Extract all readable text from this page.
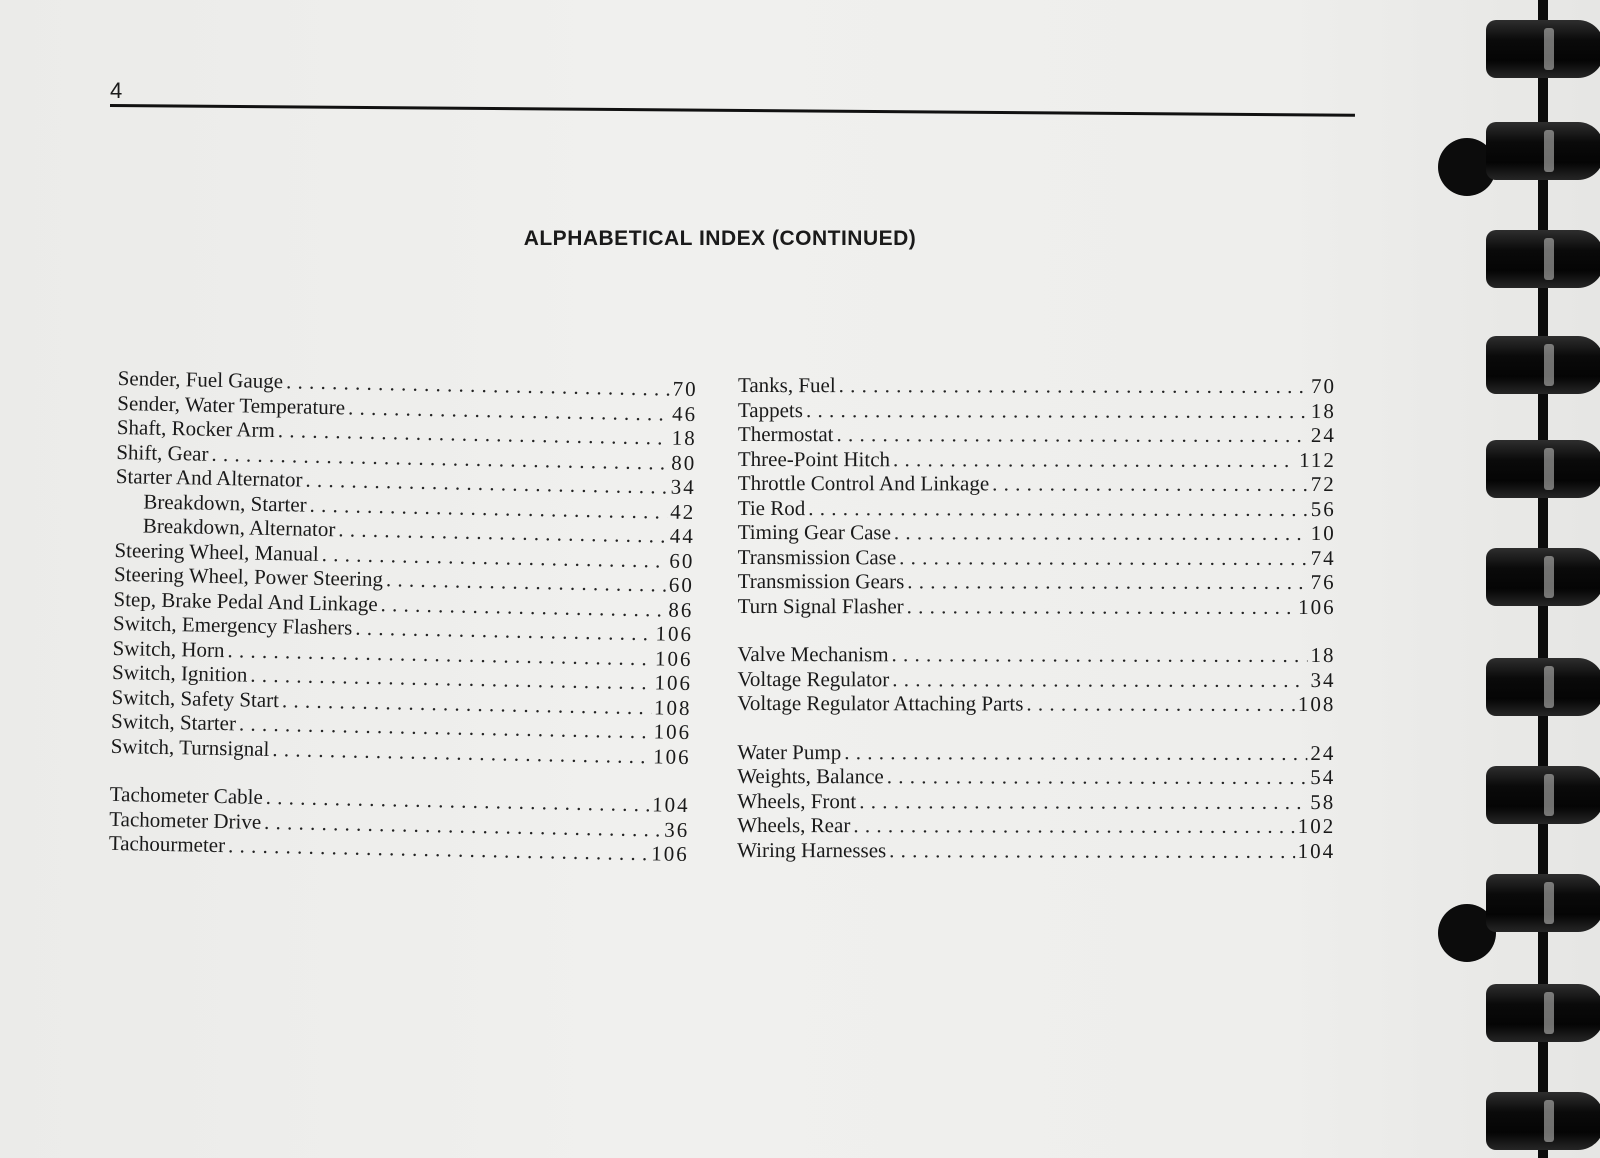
4
ALPHABETICAL INDEX (CONTINUED)
Sender, Fuel Gauge . . .	70
Sender, Water Temperature . . .	46
Shaft, Rocker Arm . . .	18
Shift, Gear . . .	80
Starter And Alternator . . .	34
Breakdown, Starter . . .	42
Breakdown, Alternator . . .	44
Steering Wheel, Manual . . .	60
Steering Wheel, Power Steering . . .	60
Step, Brake Pedal And Linkage . . .	86
Switch, Emergency Flashers . . .	106
Switch, Horn . . .	106
Switch, Ignition . . .	106
Switch, Safety Start . . .	108
Switch, Starter . . .	106
Switch, Turnsignal . . .	106
Tachometer Cable . . .	104
Tachometer Drive . . .	36
Tachourmeter . . .	106
Tanks, Fuel . . .	70
Tappets . . .	18
Thermostat . . .	24
Three-Point Hitch . . .	112
Throttle Control And Linkage . . .	72
Tie Rod . . .	56
Timing Gear Case . . .	10
Transmission Case . . .	74
Transmission Gears . . .	76
Turn Signal Flasher . . .	106
Valve Mechanism . . .	18
Voltage Regulator . . .	34
Voltage Regulator Attaching Parts . . .	108
Water Pump . . .	24
Weights, Balance . . .	54
Wheels, Front . . .	58
Wheels, Rear . . .	102
Wiring Harnesses . . .	104
